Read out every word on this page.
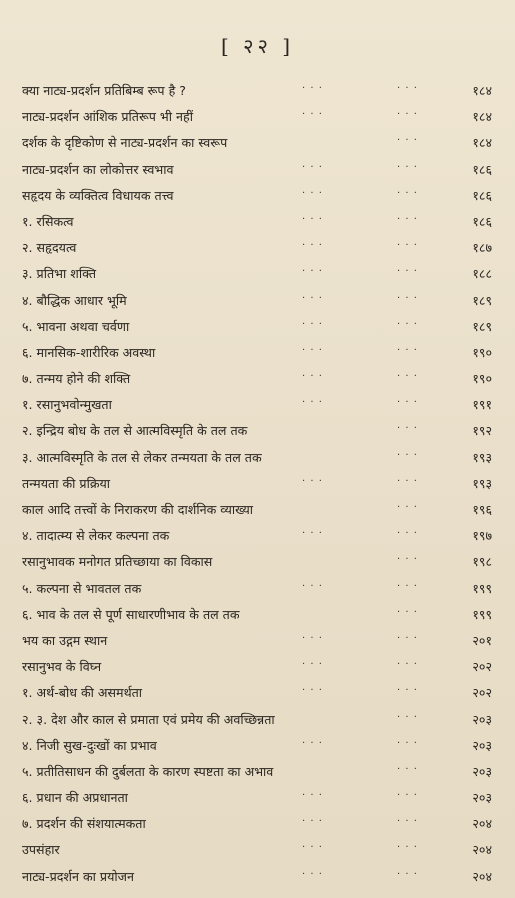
[ २२ ]
क्या नाट्य-प्रदर्शन प्रतिबिम्ब रूप है ?	· · ·	· · ·	१८४
नाट्य-प्रदर्शन आंशिक प्रतिरूप भी नहीं	· · ·	· · ·	१८४
दर्शक के दृष्टिकोण से नाट्य-प्रदर्शन का स्वरूप	· · ·	१८४
नाट्य-प्रदर्शन का लोकोत्तर स्वभाव	· · ·	· · ·	१८६
सहृदय के व्यक्तित्व विधायक तत्त्व	· · ·	· · ·	१८६
१. रसिकत्व	· · ·	· · ·	१८६
२. सहृदयत्व	· · ·	· · ·	१८७
३. प्रतिभा शक्ति	· · ·	· · ·	१८८
४. बौद्धिक आधार भूमि	· · ·	· · ·	१८९
५. भावना अथवा चर्वणा	· · ·	· · ·	१८९
६. मानसिक-शारीरिक अवस्था	· · ·	· · ·	१९०
७. तन्मय होने की शक्ति	· · ·	· · ·	१९०
१. रसानुभवोन्मुखता	· · ·	· · ·	१९१
२. इन्द्रिय बोध के तल से आत्मविस्मृति के तल तक	· · ·	१९२
३. आत्मविस्मृति के तल से लेकर तन्मयता के तल तक	· · ·	१९३
तन्मयता की प्रक्रिया	· · ·	· · ·	१९३
काल आदि तत्त्वों के निराकरण की दार्शनिक व्याख्या	· · ·	१९६
४. तादात्म्य से लेकर कल्पना तक	· · ·	· · ·	१९७
रसानुभावक मनोगत प्रतिच्छाया का विकास	· · ·	१९८
५. कल्पना से भावतल तक	· · ·	· · ·	१९९
६. भाव के तल से पूर्ण साधारणीभाव के तल तक	· · ·	१९९
भय का उद्गम स्थान	· · ·	· · ·	२०१
रसानुभव के विघ्न	· · ·	· · ·	२०२
१. अर्थ-बोध की असमर्थता	· · ·	· · ·	२०२
२. ३. देश और काल से प्रमाता एवं प्रमेय की अवच्छिन्नता	· · ·	२०३
४. निजी सुख-दुःखों का प्रभाव	· · ·	· · ·	२०३
५. प्रतीतिसाधन की दुर्बलता के कारण स्पष्टता का अभाव	· · ·	२०३
६. प्रधान की अप्रधानता	· · ·	· · ·	२०३
७. प्रदर्शन की संशयात्मकता	· · ·	· · ·	२०४
उपसंहार	· · ·	· · ·	२०४
नाट्य-प्रदर्शन का प्रयोजन	· · ·	· · ·	२०४
